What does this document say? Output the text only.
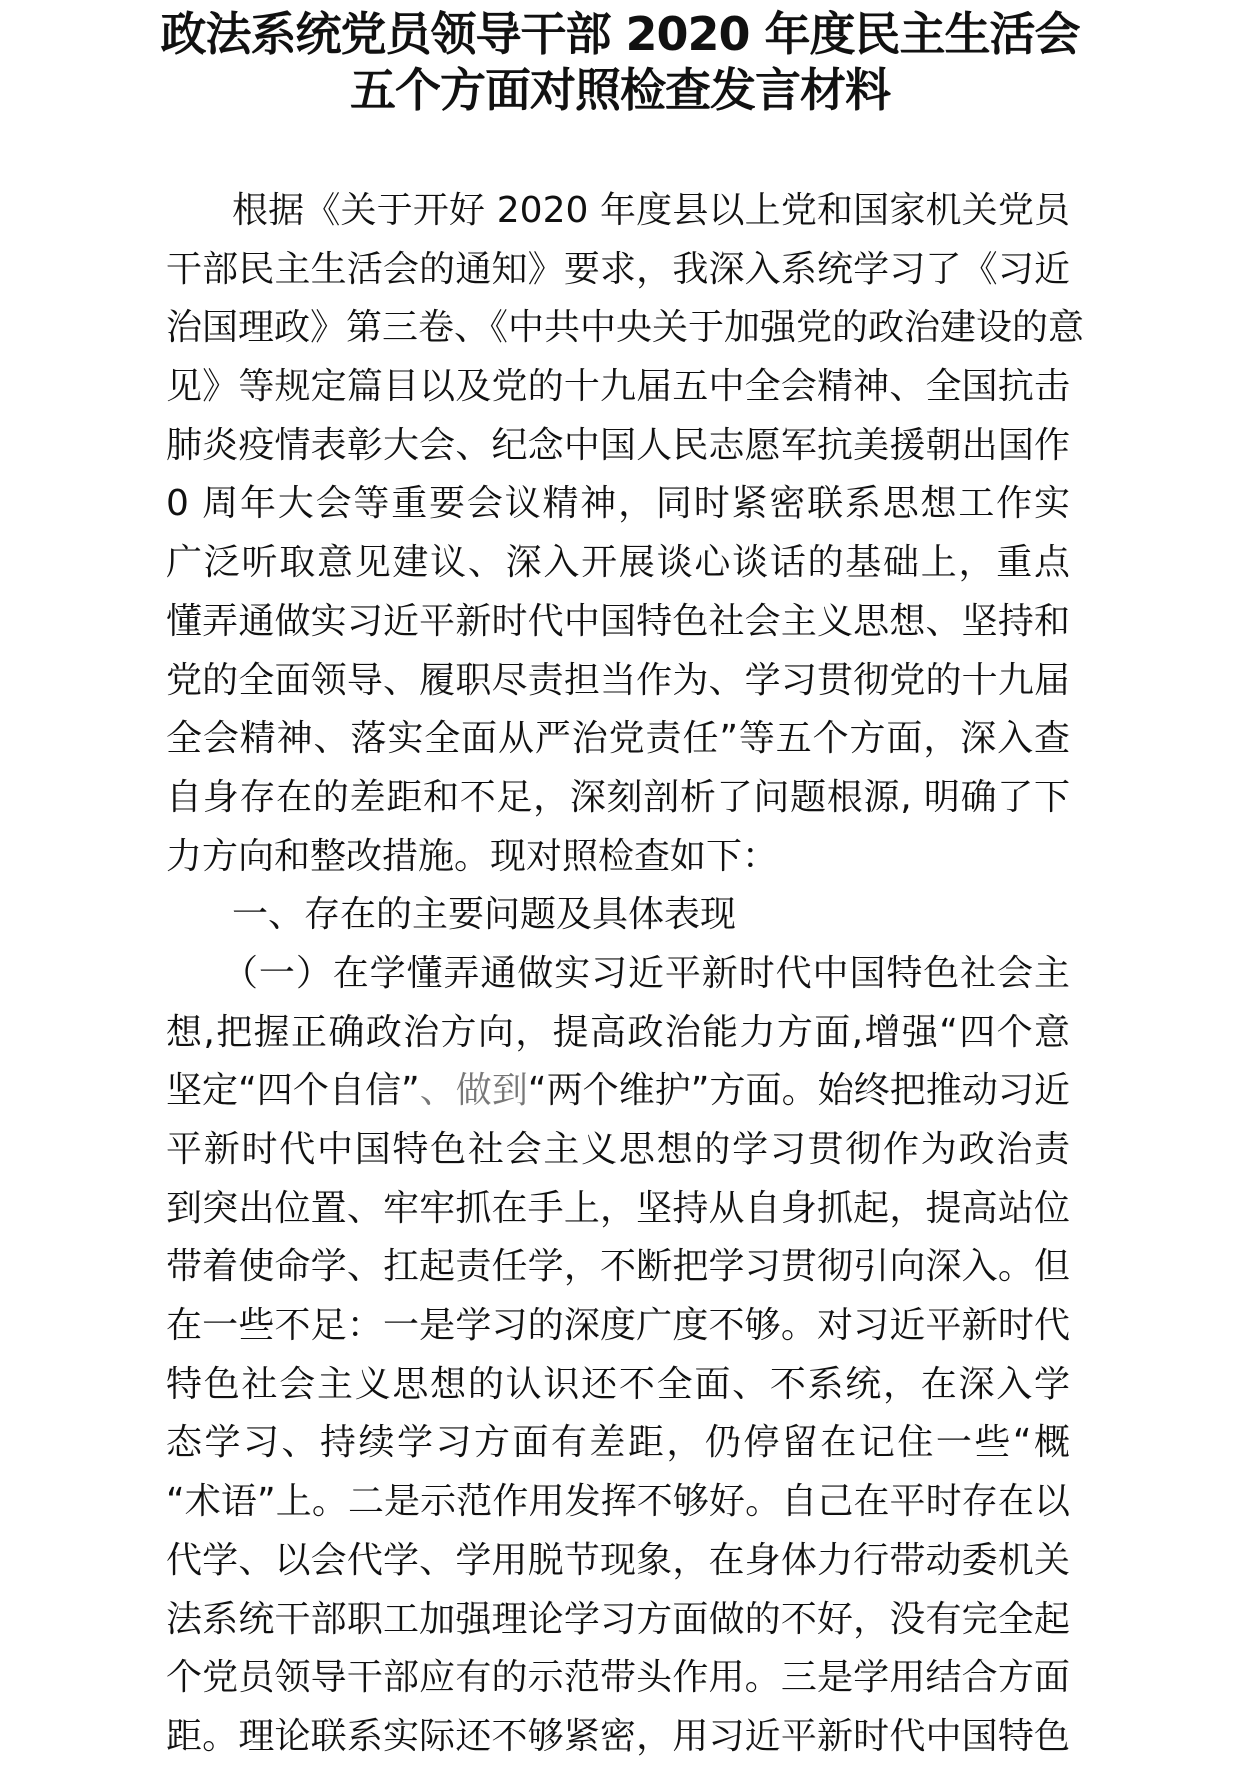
政法系统党员领导干部 2020 年度民主生活会
五个方面对照检查发言材料
根据《关于开好 2020 年度县以上党和国家机关党员
干部民主生活会的通知》要求，我深入系统学习了《习近
治国理政》第三卷、《中共中央关于加强党的政治建设的意
见》等规定篇目以及党的十九届五中全会精神、全国抗击
肺炎疫情表彰大会、纪念中国人民志愿军抗美援朝出国作
0 周年大会等重要会议精神，同时紧密联系思想工作实
广泛听取意见建议、深入开展谈心谈话的基础上，重点
懂弄通做实习近平新时代中国特色社会主义思想、坚持和
党的全面领导、履职尽责担当作为、学习贯彻党的十九届
全会精神、落实全面从严治党责任”等五个方面，深入查
自身存在的差距和不足，深刻剖析了问题根源, 明确了下
力方向和整改措施。现对照检查如下：
一、存在的主要问题及具体表现
（一）在学懂弄通做实习近平新时代中国特色社会主
想,把握正确政治方向，提高政治能力方面,增强“四个意
坚定“四个自信”、做到“两个维护”方面。始终把推动习近
平新时代中国特色社会主义思想的学习贯彻作为政治责
到突出位置、牢牢抓在手上，坚持从自身抓起，提高站位
带着使命学、扛起责任学，不断把学习贯彻引向深入。但
在一些不足：一是学习的深度广度不够。对习近平新时代
特色社会主义思想的认识还不全面、不系统，在深入学
态学习、持续学习方面有差距，仍停留在记住一些“概
“术语”上。二是示范作用发挥不够好。自己在平时存在以
代学、以会代学、学用脱节现象，在身体力行带动委机关
法系统干部职工加强理论学习方面做的不好，没有完全起
个党员领导干部应有的示范带头作用。三是学用结合方面
距。理论联系实际还不够紧密，用习近平新时代中国特色
